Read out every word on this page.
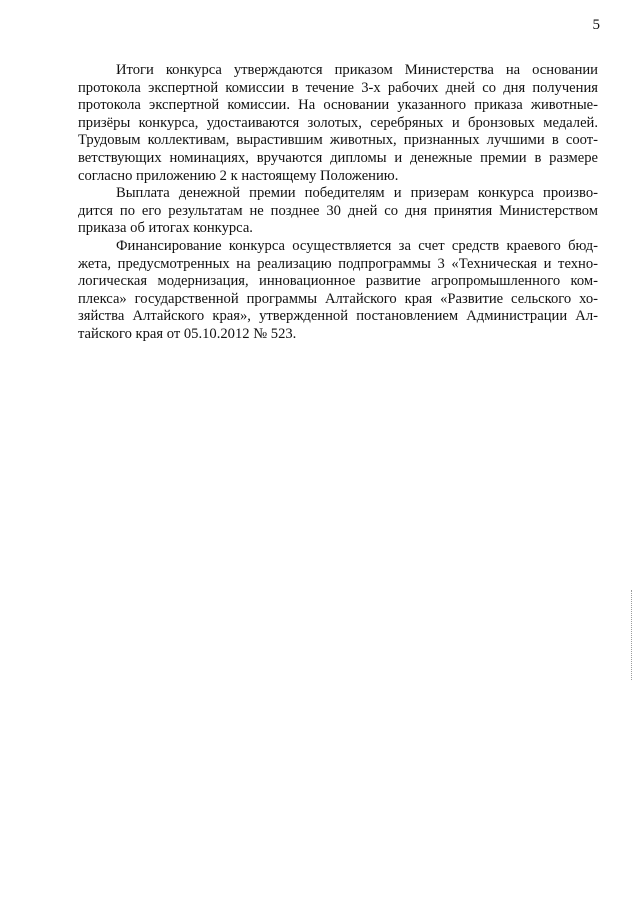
5
Итоги конкурса утверждаются приказом Министерства на основании
протокола экспертной комиссии в течение 3-х рабочих дней со дня получения
протокола экспертной комиссии. На основании указанного приказа животные-
призёры конкурса, удостаиваются золотых, серебряных и бронзовых медалей.
Трудовым коллективам, вырастившим животных, признанных лучшими в соот-
ветствующих номинациях, вручаются дипломы и денежные премии в размере
согласно приложению 2 к настоящему Положению.
Выплата денежной премии победителям и призерам конкурса произво-
дится по его результатам не позднее 30 дней со дня принятия Министерством
приказа об итогах конкурса.
Финансирование конкурса осуществляется за счет средств краевого бюд-
жета, предусмотренных на реализацию подпрограммы 3 «Техническая и техно-
логическая модернизация, инновационное развитие агропромышленного ком-
плекса» государственной программы Алтайского края «Развитие сельского хо-
зяйства Алтайского края», утвержденной постановлением Администрации Ал-
тайского края от 05.10.2012 № 523.
